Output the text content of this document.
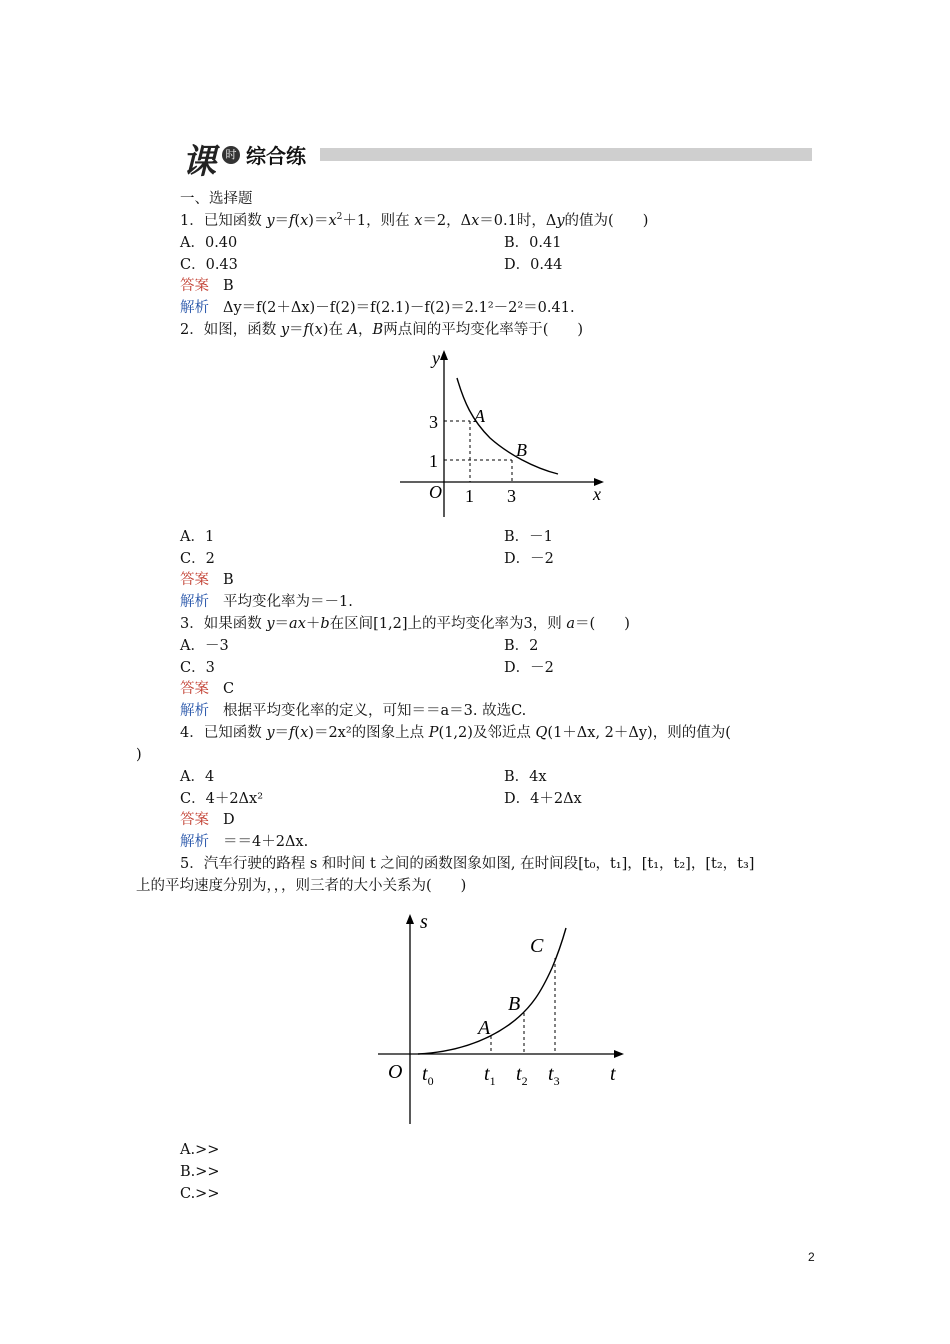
课	时 综合练
一、选择题
1．已知函数 $y=f(x)=x^2+1$，则在 x＝2，Δx＝0.1时，Δy的值为(　　)
A．0.40	B．0.41
C．0.43	D．0.44
答案 B
解析 Δy＝f(2＋Δx)－f(2)＝f(2.1)－f(2)＝2.1²－2²＝0.41.
2．如图，函数 y＝f(x)在 A，B两点间的平均变化率等于(　　)
y
x
O
3
1
1 3
A
B
A．1	B．－1
C．2	D．－2
答案 B
解析 平均变化率为＝－1.
3．如果函数 y＝ax＋b在区间[1,2]上的平均变化率为3，则 a＝(　　)
A．－3	B．2
C．3	D．－2
答案 C
解析 根据平均变化率的定义，可知＝＝a＝3. 故选C.
4．已知函数 y＝f(x)＝2x²的图象上点 P(1,2)及邻近点 Q(1＋Δx, 2＋Δy)，则的值为(
)
A．4	B．4x
C．4＋2Δx²	D．4＋2Δx
答案 D
解析 ＝＝4＋2Δx.
5．汽车行驶的路程 s 和时间 t 之间的函数图象如图, 在时间段[t₀，t₁]，[t₁，t₂]，[t₂，t₃]
上的平均速度分别为，，，则三者的大小关系为(　　)
s
t
O $t_0$	$t_1$ $t_2$ $t_3$
A
B
C
A.>>
B.>>
C.>>
2
